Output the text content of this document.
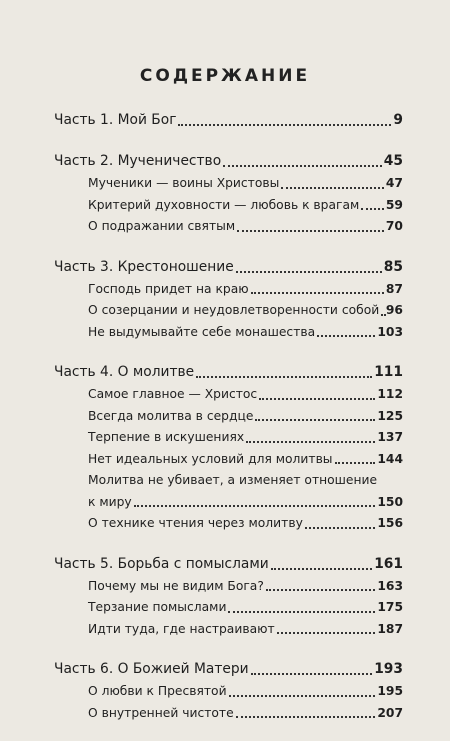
СОДЕРЖАНИЕ
Часть 1. Мой Бог	9
Часть 2. Мученичество	45
Мученики — воины Христовы	47
Критерий духовности — любовь к врагам 59
О подражании святым	70
Часть 3. Крестоношение	85
Господь придет на краю	87
О созерцании и неудовлетворенности собой 96
Не выдумывайте себе монашества	103
Часть 4. О молитве	111
Самое главное — Христос	112
Всегда молитва в сердце	125
Терпение в искушениях	137
Нет идеальных условий для молитвы	144
Молитва не убивает, а изменяет отношение
к миру	150
О технике чтения через молитву	156
Часть 5. Борьба с помыслами	161
Почему мы не видим Бога?	163
Терзание помыслами	175
Идти туда, где настраивают	187
Часть 6. О Божией Матери	193
О любви к Пресвятой	195
О внутренней чистоте	207
